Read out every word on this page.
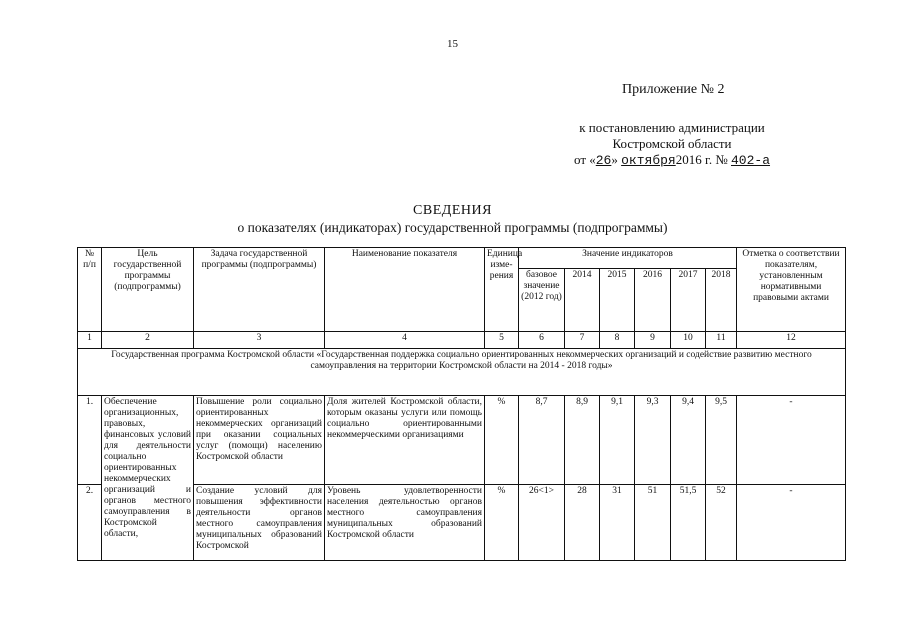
15
Приложение № 2
к постановлению администрации
Костромской области
от «26» октября2016 г. № 402-а
СВЕДЕНИЯ
о показателях (индикаторах) государственной программы (подпрограммы)
№ п/п	Цель государственной программы (подпрограммы)	Задача государственной программы (подпрограммы)	Наименование показателя	Единица изме-рения	Значение индикаторов						Отметка о соответствии показателям, установленным нормативными правовыми актами
					базовое значение (2012 год)	2014	2015	2016	2017	2018	
1	2	3	4	5	6	7	8	9	10	11	12
Государственная программа Костромской области «Государственная поддержка социально ориентированных некоммерческих организаций и содействие развитию местного самоуправления на территории Костромской области на 2014 - 2018 годы»											
1.	Обеспечение организационных, правовых, финансовых условий для деятельности социально ориентированных некоммерческих организаций и органов местного самоуправления в Костромской области,	Повышение роли социально ориентированных некоммерческих организаций при оказании социальных услуг (помощи) населению Костромской области	Доля жителей Костромской области, которым оказаны услуги или помощь социально ориентированными некоммерческими организациями	%	8,7	8,9	9,1	9,3	9,4	9,5	-
2.		Создание условий для повышения эффективности деятельности органов местного самоуправления муниципальных образований Костромской	Уровень удовлетворенности населения деятельностью органов местного самоуправления муниципальных образований Костромской области	%	26<1>	28	31	51	51,5	52	-
